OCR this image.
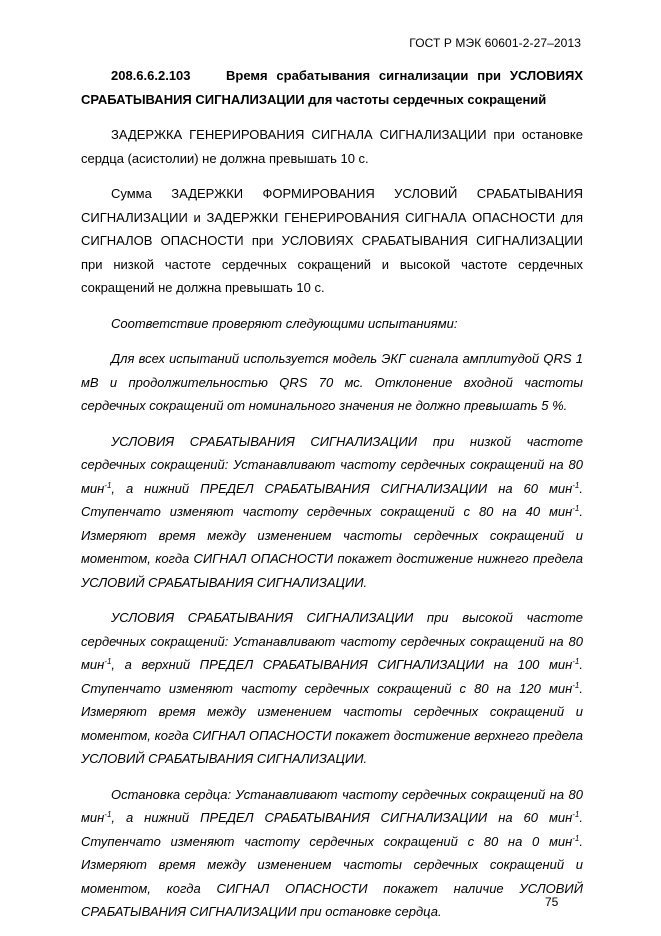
ГОСТ Р МЭК 60601-2-27–2013

208.6.6.2.103	Время срабатывания сигнализации при УСЛОВИЯХ СРАБАТЫВАНИЯ СИГНАЛИЗАЦИИ для частоты сердечных сокращений

ЗАДЕРЖКА ГЕНЕРИРОВАНИЯ СИГНАЛА СИГНАЛИЗАЦИИ при остановке сердца (асистолии) не должна превышать 10 с.

Сумма ЗАДЕРЖКИ ФОРМИРОВАНИЯ УСЛОВИЙ СРАБАТЫВАНИЯ СИГНАЛИЗАЦИИ и ЗАДЕРЖКИ ГЕНЕРИРОВАНИЯ СИГНАЛА ОПАСНОСТИ для СИГНАЛОВ ОПАСНОСТИ при УСЛОВИЯХ СРАБАТЫВАНИЯ СИГНАЛИЗАЦИИ при низкой частоте сердечных сокращений и высокой частоте сердечных сокращений не должна превышать 10 с.

Соответствие проверяют следующими испытаниями:

Для всех испытаний используется модель ЭКГ сигнала амплитудой QRS 1 мВ и продолжительностью QRS 70 мс. Отклонение входной частоты сердечных сокращений от номинального значения не должно превышать 5 %.

УСЛОВИЯ СРАБАТЫВАНИЯ СИГНАЛИЗАЦИИ при низкой частоте сердечных сокращений: Устанавливают частоту сердечных сокращений на 80 мин$^{-1}$, а нижний ПРЕДЕЛ СРАБАТЫВАНИЯ СИГНАЛИЗАЦИИ на 60 мин$^{-1}$. Ступенчато изменяют частоту сердечных сокращений с 80 на 40 мин$^{-1}$. Измеряют время между изменением частоты сердечных сокращений и моментом, когда СИГНАЛ ОПАСНОСТИ покажет достижение нижнего предела УСЛОВИЙ СРАБАТЫВАНИЯ СИГНАЛИЗАЦИИ.

УСЛОВИЯ СРАБАТЫВАНИЯ СИГНАЛИЗАЦИИ при высокой частоте сердечных сокращений: Устанавливают частоту сердечных сокращений на 80 мин$^{-1}$, а верхний ПРЕДЕЛ СРАБАТЫВАНИЯ СИГНАЛИЗАЦИИ на 100 мин$^{-1}$. Ступенчато изменяют частоту сердечных сокращений с 80 на 120 мин$^{-1}$. Измеряют время между изменением частоты сердечных сокращений и моментом, когда СИГНАЛ ОПАСНОСТИ покажет достижение верхнего предела УСЛОВИЙ СРАБАТЫВАНИЯ СИГНАЛИЗАЦИИ.

Остановка сердца: Устанавливают частоту сердечных сокращений на 80 мин$^{-1}$, а нижний ПРЕДЕЛ СРАБАТЫВАНИЯ СИГНАЛИЗАЦИИ на 60 мин$^{-1}$. Ступенчато изменяют частоту сердечных сокращений с 80 на 0 мин$^{-1}$. Измеряют время между изменением частоты сердечных сокращений и моментом, когда СИГНАЛ ОПАСНОСТИ покажет наличие УСЛОВИЙ СРАБАТЫВАНИЯ СИГНАЛИЗАЦИИ при остановке сердца.

75
